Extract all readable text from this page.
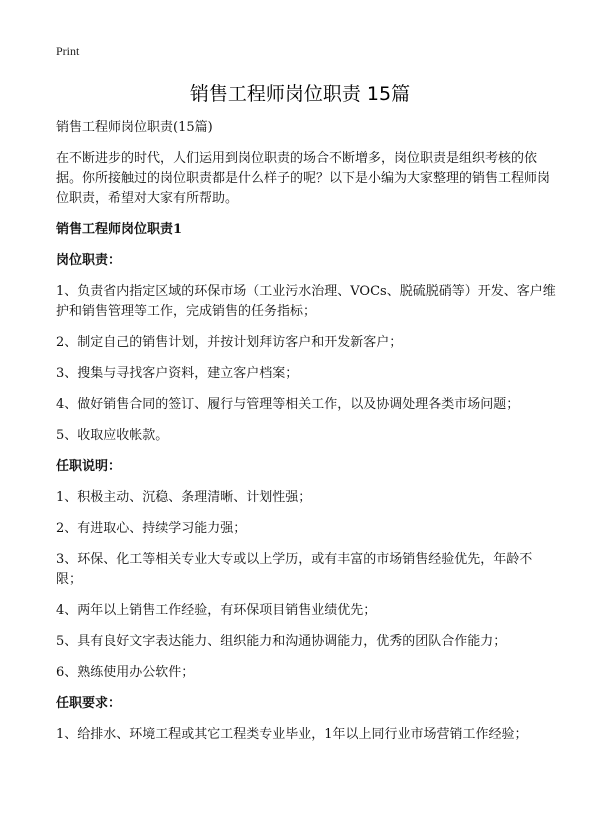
Print
销售工程师岗位职责 15篇

销售工程师岗位职责(15篇)

在不断进步的时代，人们运用到岗位职责的场合不断增多，岗位职责是组织考核的依据。你所接触过的岗位职责都是什么样子的呢？以下是小编为大家整理的销售工程师岗位职责，希望对大家有所帮助。

销售工程师岗位职责1

岗位职责：

1、负责省内指定区域的环保市场（工业污水治理、VOCs、脱硫脱硝等）开发、客户维护和销售管理等工作，完成销售的任务指标；

2、制定自己的销售计划，并按计划拜访客户和开发新客户；

3、搜集与寻找客户资料，建立客户档案；

4、做好销售合同的签订、履行与管理等相关工作，以及协调处理各类市场问题；

5、收取应收帐款。

任职说明：

1、积极主动、沉稳、条理清晰、计划性强；

2、有进取心、持续学习能力强；

3、环保、化工等相关专业大专或以上学历，或有丰富的市场销售经验优先，年龄不限；

4、两年以上销售工作经验，有环保项目销售业绩优先；

5、具有良好文字表达能力、组织能力和沟通协调能力，优秀的团队合作能力；

6、熟练使用办公软件；

任职要求：

1、给排水、环境工程或其它工程类专业毕业，1年以上同行业市场营销工作经验；
